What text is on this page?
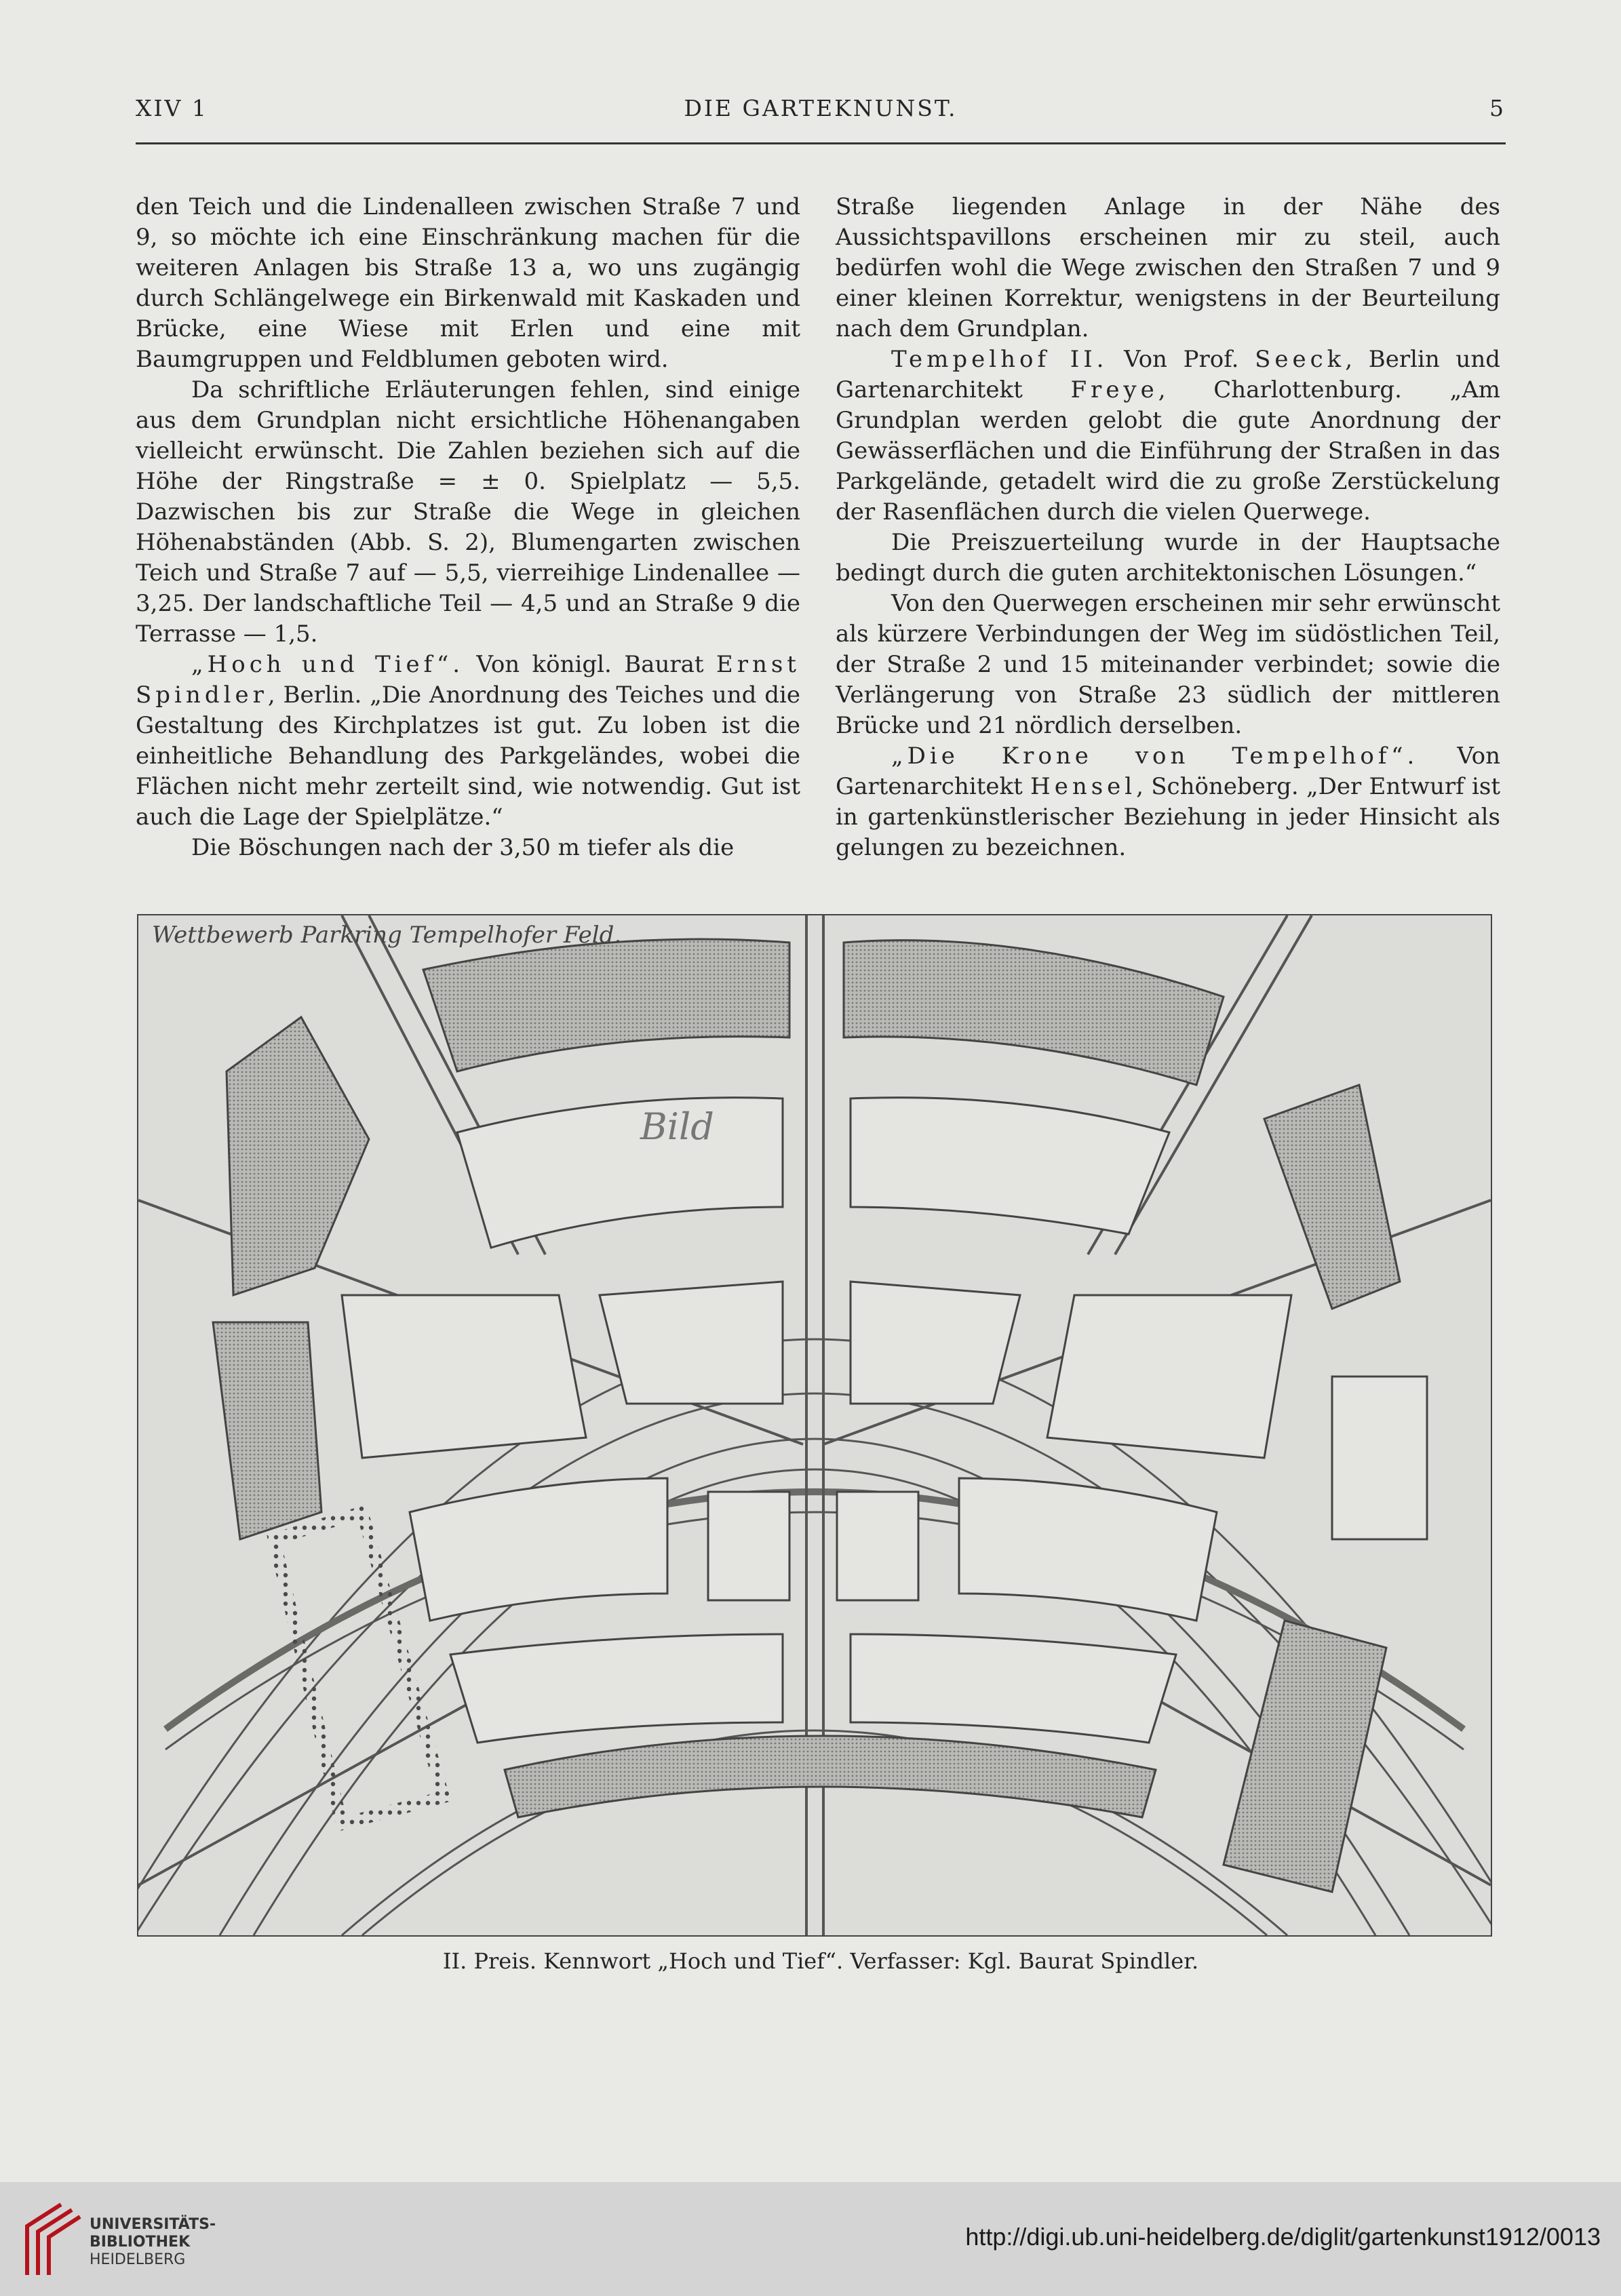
XIV 1	DIE GARTEKNUNST.	5

den Teich und die Lindenalleen zwischen Straße 7 und 9, so möchte ich eine Einschränkung machen für die weiteren Anlagen bis Straße 13 a, wo uns zugängig durch Schlängelwege ein Birkenwald mit Kaskaden und Brücke, eine Wiese mit Erlen und eine mit Baumgruppen und Feldblumen geboten wird.

Da schriftliche Erläuterungen fehlen, sind einige aus dem Grundplan nicht ersichtliche Höhenangaben vielleicht erwünscht. Die Zahlen beziehen sich auf die Höhe der Ringstraße = ± 0. Spielplatz — 5,5. Dazwischen bis zur Straße die Wege in gleichen Höhenabständen (Abb. S. 2), Blumengarten zwischen Teich und Straße 7 auf — 5,5, vierreihige Lindenallee — 3,25. Der landschaftliche Teil — 4,5 und an Straße 9 die Terrasse — 1,5.

„Hoch und Tief“. Von königl. Baurat Ernst Spindler, Berlin. „Die Anordnung des Teiches und die Gestaltung des Kirchplatzes ist gut. Zu loben ist die einheitliche Behandlung des Parkgeländes, wobei die Flächen nicht mehr zerteilt sind, wie notwendig. Gut ist auch die Lage der Spielplätze.“

Die Böschungen nach der 3,50 m tiefer als die

Straße liegenden Anlage in der Nähe des Aussichtspavillons erscheinen mir zu steil, auch bedürfen wohl die Wege zwischen den Straßen 7 und 9 einer kleinen Korrektur, wenigstens in der Beurteilung nach dem Grundplan.

Tempelhof II. Von Prof. Seeck, Berlin und Gartenarchitekt Freye, Charlottenburg. „Am Grundplan werden gelobt die gute Anordnung der Gewässerflächen und die Einführung der Straßen in das Parkgelände, getadelt wird die zu große Zerstückelung der Rasenflächen durch die vielen Querwege.

Die Preiszuerteilung wurde in der Hauptsache bedingt durch die guten architektonischen Lösungen.“

Von den Querwegen erscheinen mir sehr erwünscht als kürzere Verbindungen der Weg im südöstlichen Teil, der Straße 2 und 15 miteinander verbindet; sowie die Verlängerung von Straße 23 südlich der mittleren Brücke und 21 nördlich derselben.

„Die Krone von Tempelhof“. Von Gartenarchitekt Hensel, Schöneberg. „Der Entwurf ist in gartenkünstlerischer Beziehung in jeder Hinsicht als gelungen zu bezeichnen.

Wettbewerb Parkring Tempelhofer Feld.
Bild
II. Preis. Kennwort „Hoch und Tief“. Verfasser: Kgl. Baurat Spindler.
UNIVERSITÄTS-
BIBLIOTHEK
HEIDELBERG
http://digi.ub.uni-heidelberg.de/diglit/gartenkunst1912/0013
